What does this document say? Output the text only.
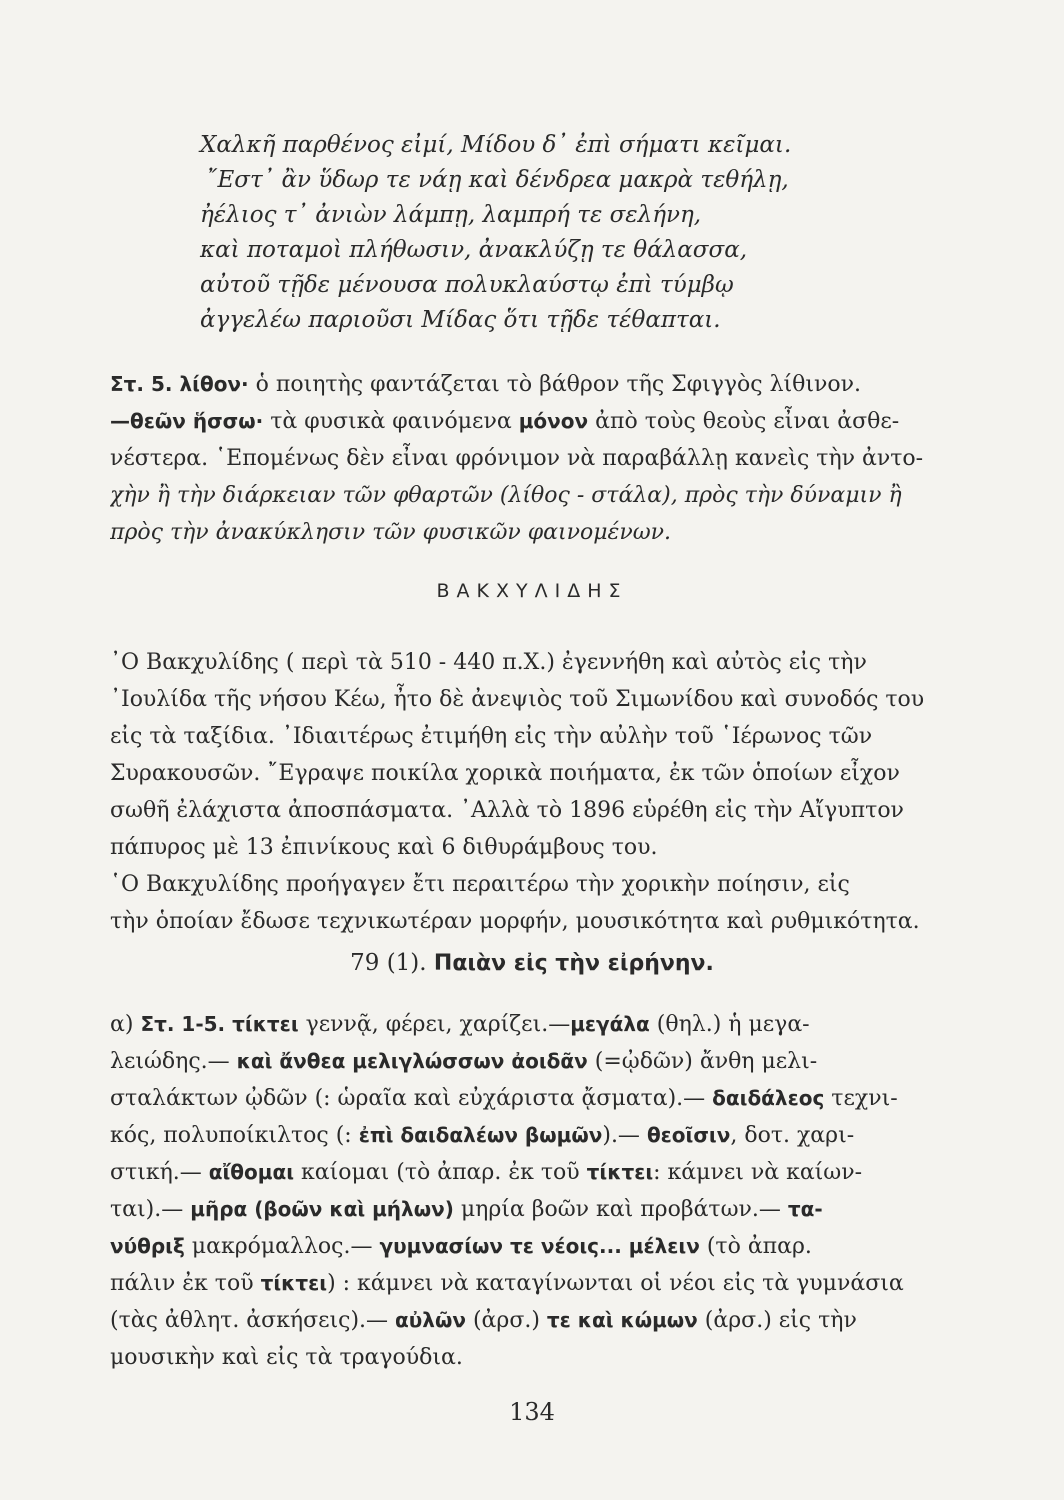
Χαλκῆ παρθένος εἰμί, Μίδου δ᾿ ἐπὶ σήματι κεῖμαι.
῎Εστ᾿ ἂν ὕδωρ τε νάῃ καὶ δένδρεα μακρὰ τεθήλῃ,
ἠέλιος τ᾿ ἀνιὼν λάμπῃ, λαμπρή τε σελήνη,
καὶ ποταμοὶ πλήθωσιν, ἀνακλύζῃ τε θάλασσα,
αὐτοῦ τῇδε μένουσα πολυκλαύστῳ ἐπὶ τύμβῳ
ἀγγελέω παριοῦσι Μίδας ὅτι τῇδε τέθαπται.
Στ. 5. λίθον· ὁ ποιητὴς φαντάζεται τὸ βάθρον τῆς Σφιγγὸς λίθινον.
—θεῶν ἥσσω· τὰ φυσικὰ φαινόμενα μόνον ἀπὸ τοὺς θεοὺς εἶναι ἀσθε-
νέστερα. ῾Επομένως δὲν εἶναι φρόνιμον νὰ παραβάλλῃ κανεὶς τὴν ἀντο-
χὴν ἢ τὴν διάρκειαν τῶν φθαρτῶν (λίθος - στάλα), πρὸς τὴν δύναμιν ἢ
πρὸς τὴν ἀνακύκλησιν τῶν φυσικῶν φαινομένων.
ΒΑΚΧΥΛΙΔΗΣ
᾿Ο Βακχυλίδης ( περὶ τὰ 510 - 440 π.Χ.) ἐγεννήθη καὶ αὐτὸς εἰς τὴν
᾿Ιουλίδα τῆς νήσου Κέω, ἦτο δὲ ἀνεψιὸς τοῦ Σιμωνίδου καὶ συνοδός του
εἰς τὰ ταξίδια. ᾿Ιδιαιτέρως ἐτιμήθη εἰς τὴν αὐλὴν τοῦ ῾Ιέρωνος τῶν
Συρακουσῶν. ῎Εγραψε ποικίλα χορικὰ ποιήματα, ἐκ τῶν ὁποίων εἶχον
σωθῆ ἐλάχιστα ἀποσπάσματα. ᾿Αλλὰ τὸ 1896 εὑρέθη εἰς τὴν Αἴγυπτον
πάπυρος μὲ 13 ἐπινίκους καὶ 6 διθυράμβους του.
῾Ο Βακχυλίδης προήγαγεν ἔτι περαιτέρω τὴν χορικὴν ποίησιν, εἰς
τὴν ὁποίαν ἔδωσε τεχνικωτέραν μορφήν, μουσικότητα καὶ ρυθμικότητα.
79 (1). Παιὰν εἰς τὴν εἰρήνην.
α) Στ. 1-5. τίκτει γεννᾷ, φέρει, χαρίζει.—μεγάλα (θηλ.) ἡ μεγα-
λειώδης.— καὶ ἄνθεα μελιγλώσσων ἀοιδᾶν (=ᾠδῶν) ἄνθη μελι-
σταλάκτων ᾠδῶν (: ὡραῖα καὶ εὐχάριστα ᾄσματα).— δαιδάλεος τεχνι-
κός, πολυποίκιλτος (: ἐπὶ δαιδαλέων βωμῶν).— θεοῖσιν, δοτ. χαρι-
στική.— αἴθομαι καίομαι (τὸ ἀπαρ. ἐκ τοῦ τίκτει: κάμνει νὰ καίων-
ται).— μῆρα (βοῶν καὶ μήλων) μηρία βοῶν καὶ προβάτων.— τα-
νύθριξ μακρόμαλλος.— γυμνασίων τε νέοις... μέλειν (τὸ ἀπαρ.
πάλιν ἐκ τοῦ τίκτει) : κάμνει νὰ καταγίνωνται οἱ νέοι εἰς τὰ γυμνάσια
(τὰς ἀθλητ. ἀσκήσεις).— αὐλῶν (ἀρσ.) τε καὶ κώμων (ἀρσ.) εἰς τὴν
μουσικὴν καὶ εἰς τὰ τραγούδια.
134
